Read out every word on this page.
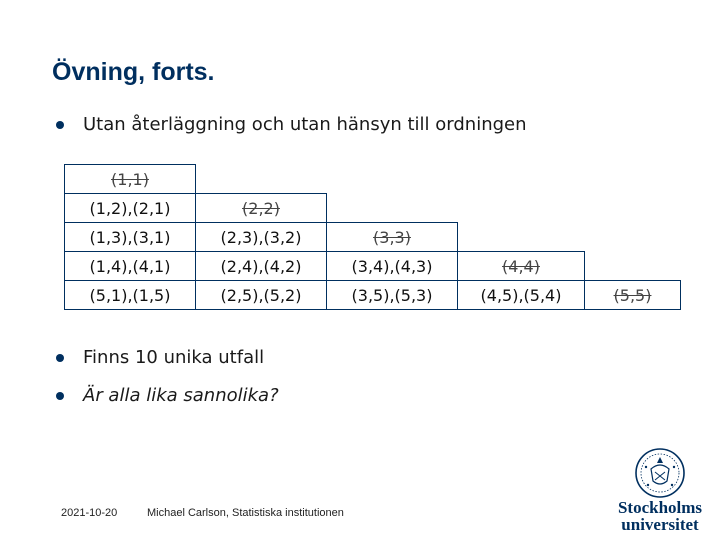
Övning, forts.
Utan återläggning och utan hänsyn till ordningen
(1,1)				
(1,2),(2,1)	(2,2)			
(1,3),(3,1)	(2,3),(3,2)	(3,3)		
(1,4),(4,1)	(2,4),(4,2)	(3,4),(4,3)	(4,4)	
(5,1),(1,5)	(2,5),(5,2)	(3,5),(5,3)	(4,5),(5,4)	(5,5)
Finns 10 unika utfall
Är alla lika sannolika?
2021-10-20	Michael Carlson, Statistiska institutionen	Stockholms
universitet
